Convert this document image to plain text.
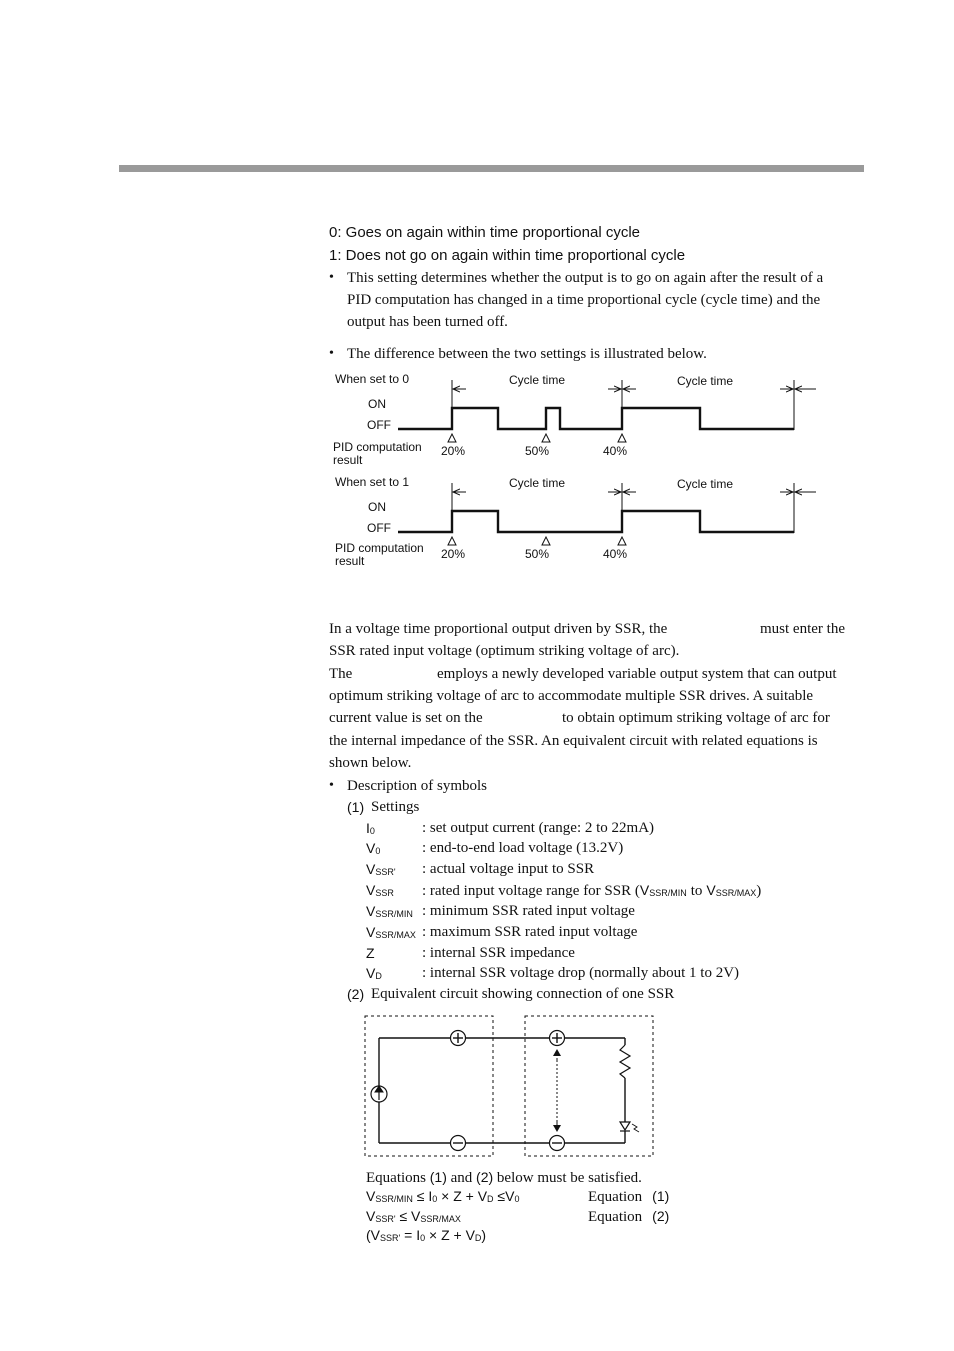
0: Goes on again within time proportional cycle
1: Does not go on again within time proportional cycle
• This setting determines whether the output is to go on again after the result of a
PID computation has changed in a time proportional cycle (cycle time) and the
output has been turned off.
• The difference between the two settings is illustrated below.
When set to 0	Cycle time	Cycle time
ON
OFF
PID computation
result
20%	50%	40%
When set to 1	Cycle time	Cycle time
ON
OFF
PID computation
result	20%	50%	40%
In a voltage time proportional output driven by SSR, the	must enter the
SSR rated input voltage (optimum striking voltage of arc).
The	employs a newly developed variable output system that can output
optimum striking voltage of arc to accommodate multiple SSR drives. A suitable
current value is set on the	to obtain optimum striking voltage of arc for
the internal impedance of the SSR. An equivalent circuit with related equations is
shown below.
• Description of symbols
(1) Settings
$I_0$	: set output current (range: 2 to 22mA)
$V_0$	: end-to-end load voltage (13.2V)
$V_{SSR'}$ : actual voltage input to SSR
$V_{SSR}$ : rated input voltage range for SSR ($V_{SSR/MIN}$ to $V_{SSR/MAX}$)
$V_{SSR/MIN}$ : minimum SSR rated input voltage
$V_{SSR/MAX}$ : maximum SSR rated input voltage
Z	: internal SSR impedance
$V_D$	: internal SSR voltage drop (normally about 1 to 2V)
(2) Equivalent circuit showing connection of one SSR
Equations (1) and (2) below must be satisfied.
$V_{SSR/MIN} \le I_0 \times Z + V_D \le V_0$	Equation (1)
$V_{SSR'} \le V_{SSR/MAX}$	Equation (2)
$(V_{SSR'} = I_0 \times Z + V_D)$
